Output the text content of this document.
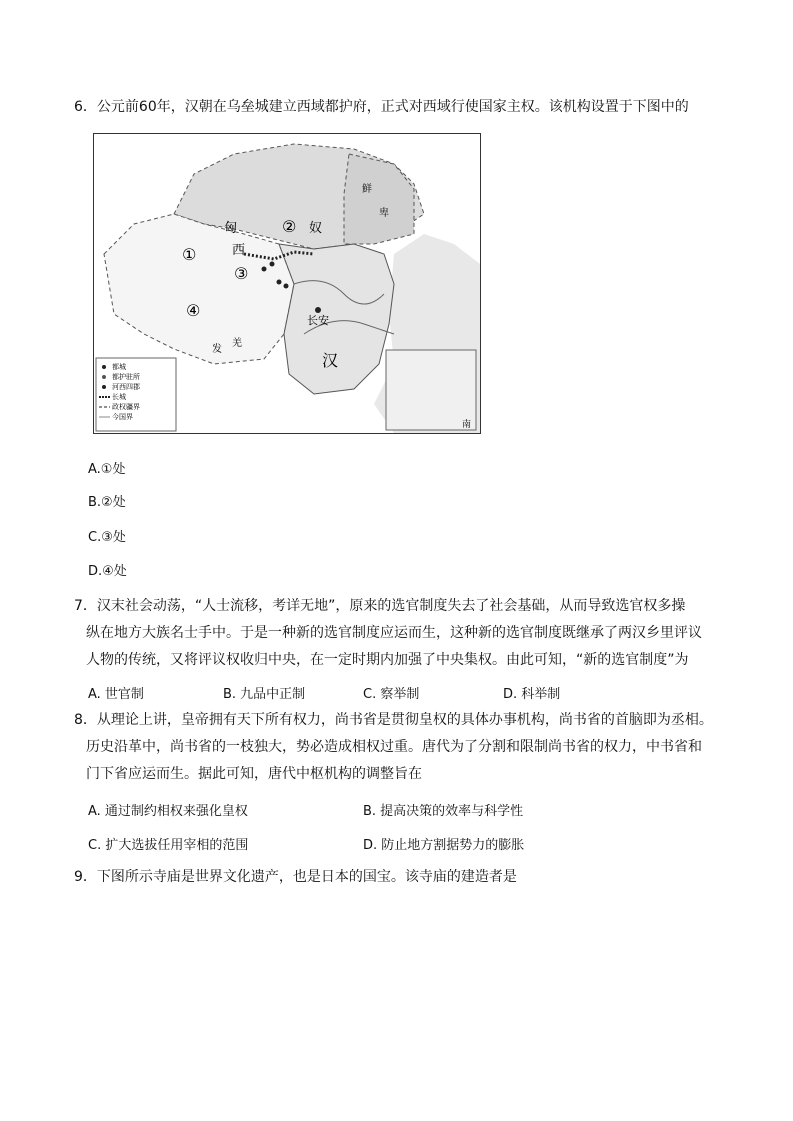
6．公元前60年，汉朝在乌垒城建立西域都护府，正式对西域行使国家主权。该机构设置于下图中的

匈	奴
②
①	西
③
④
长安
汉
发
羌
鲜
卑
南
都城
都护驻所
河西四郡
长城
政权疆界
今国界
A.①处
B.②处
C.③处
D.④处

7．汉末社会动荡，“人士流移，考详无地”，原来的选官制度失去了社会基础，从而导致选官权多操

纵在地方大族名士手中。于是一种新的选官制度应运而生，这种新的选官制度既继承了两汉乡里评议

人物的传统，又将评议权收归中央，在一定时期内加强了中央集权。由此可知，“新的选官制度”为

A. 世官制	B. 九品中正制	C. 察举制	D. 科举制

8．从理论上讲，皇帝拥有天下所有权力，尚书省是贯彻皇权的具体办事机构，尚书省的首脑即为丞相。

历史沿革中，尚书省的一枝独大，势必造成相权过重。唐代为了分割和限制尚书省的权力，中书省和

门下省应运而生。据此可知，唐代中枢机构的调整旨在

A. 通过制约相权来强化皇权	B. 提高决策的效率与科学性
C. 扩大选拔任用宰相的范围	D. 防止地方割据势力的膨胀

9．下图所示寺庙是世界文化遗产，也是日本的国宝。该寺庙的建造者是
